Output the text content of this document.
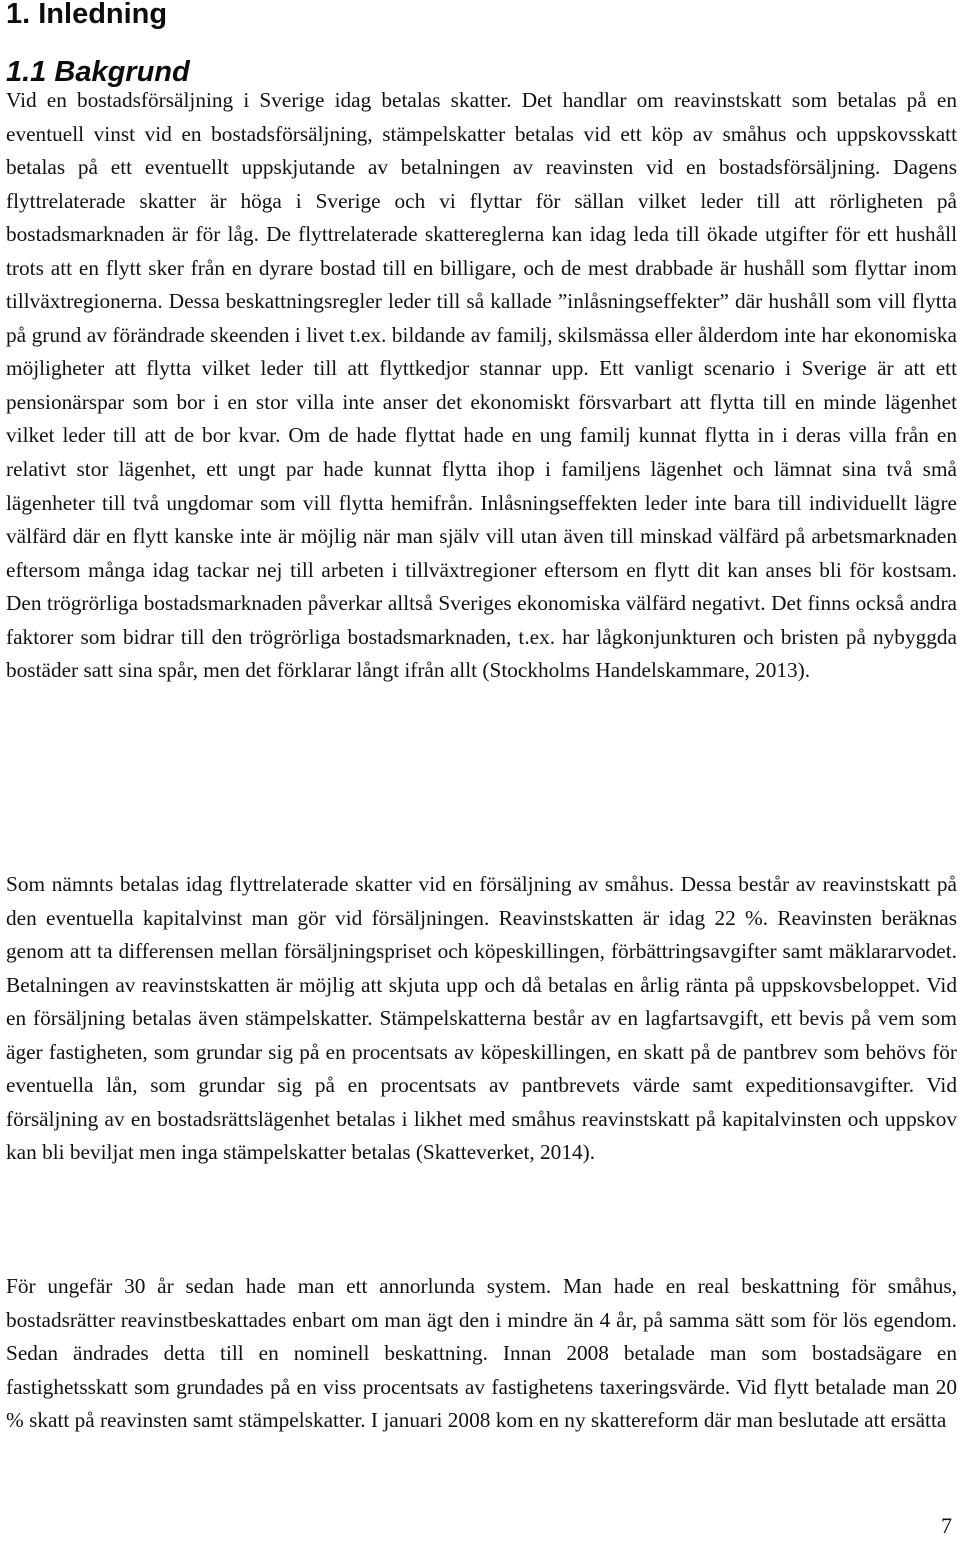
1. Inledning
1.1 Bakgrund

Vid en bostadsförsäljning i Sverige idag betalas skatter. Det handlar om reavinstskatt som betalas på en eventuell vinst vid en bostadsförsäljning, stämpelskatter betalas vid ett köp av småhus och uppskovsskatt betalas på ett eventuellt uppskjutande av betalningen av reavinsten vid en bostadsförsäljning. Dagens flyttrelaterade skatter är höga i Sverige och vi flyttar för sällan vilket leder till att rörligheten på bostadsmarknaden är för låg. De flyttrelaterade skattereglerna kan idag leda till ökade utgifter för ett hushåll trots att en flytt sker från en dyrare bostad till en billigare, och de mest drabbade är hushåll som flyttar inom tillväxtregionerna. Dessa beskattningsregler leder till så kallade ”inlåsningseffekter” där hushåll som vill flytta på grund av förändrade skeenden i livet t.ex. bildande av familj, skilsmässa eller ålderdom inte har ekonomiska möjligheter att flytta vilket leder till att flyttkedjor stannar upp. Ett vanligt scenario i Sverige är att ett pensionärspar som bor i en stor villa inte anser det ekonomiskt försvarbart att flytta till en minde lägenhet vilket leder till att de bor kvar. Om de hade flyttat hade en ung familj kunnat flytta in i deras villa från en relativt stor lägenhet, ett ungt par hade kunnat flytta ihop i familjens lägenhet och lämnat sina två små lägenheter till två ungdomar som vill flytta hemifrån. Inlåsningseffekten leder inte bara till individuellt lägre välfärd där en flytt kanske inte är möjlig när man själv vill utan även till minskad välfärd på arbetsmarknaden eftersom många idag tackar nej till arbeten i tillväxtregioner eftersom en flytt dit kan anses bli för kostsam. Den trögrörliga bostadsmarknaden påverkar alltså Sveriges ekonomiska välfärd negativt. Det finns också andra faktorer som bidrar till den trögrörliga bostadsmarknaden, t.ex. har lågkonjunkturen och bristen på nybyggda bostäder satt sina spår, men det förklarar långt ifrån allt (Stockholms Handelskammare, 2013).

Som nämnts betalas idag flyttrelaterade skatter vid en försäljning av småhus. Dessa består av reavinstskatt på den eventuella kapitalvinst man gör vid försäljningen. Reavinstskatten är idag 22 %. Reavinsten beräknas genom att ta differensen mellan försäljningspriset och köpeskillingen, förbättringsavgifter samt mäklararvodet. Betalningen av reavinstskatten är möjlig att skjuta upp och då betalas en årlig ränta på uppskovsbeloppet. Vid en försäljning betalas även stämpelskatter. Stämpelskatterna består av en lagfartsavgift, ett bevis på vem som äger fastigheten, som grundar sig på en procentsats av köpeskillingen, en skatt på de pantbrev som behövs för eventuella lån, som grundar sig på en procentsats av pantbrevets värde samt expeditionsavgifter. Vid försäljning av en bostadsrättslägenhet betalas i likhet med småhus reavinstskatt på kapitalvinsten och uppskov kan bli beviljat men inga stämpelskatter betalas (Skatteverket, 2014).

För ungefär 30 år sedan hade man ett annorlunda system. Man hade en real beskattning för småhus, bostadsrätter reavinstbeskattades enbart om man ägt den i mindre än 4 år, på samma sätt som för lös egendom. Sedan ändrades detta till en nominell beskattning. Innan 2008 betalade man som bostadsägare en fastighetsskatt som grundades på en viss procentsats av fastighetens taxeringsvärde. Vid flytt betalade man 20 % skatt på reavinsten samt stämpelskatter. I januari 2008 kom en ny skattereform där man beslutade att ersätta

7
